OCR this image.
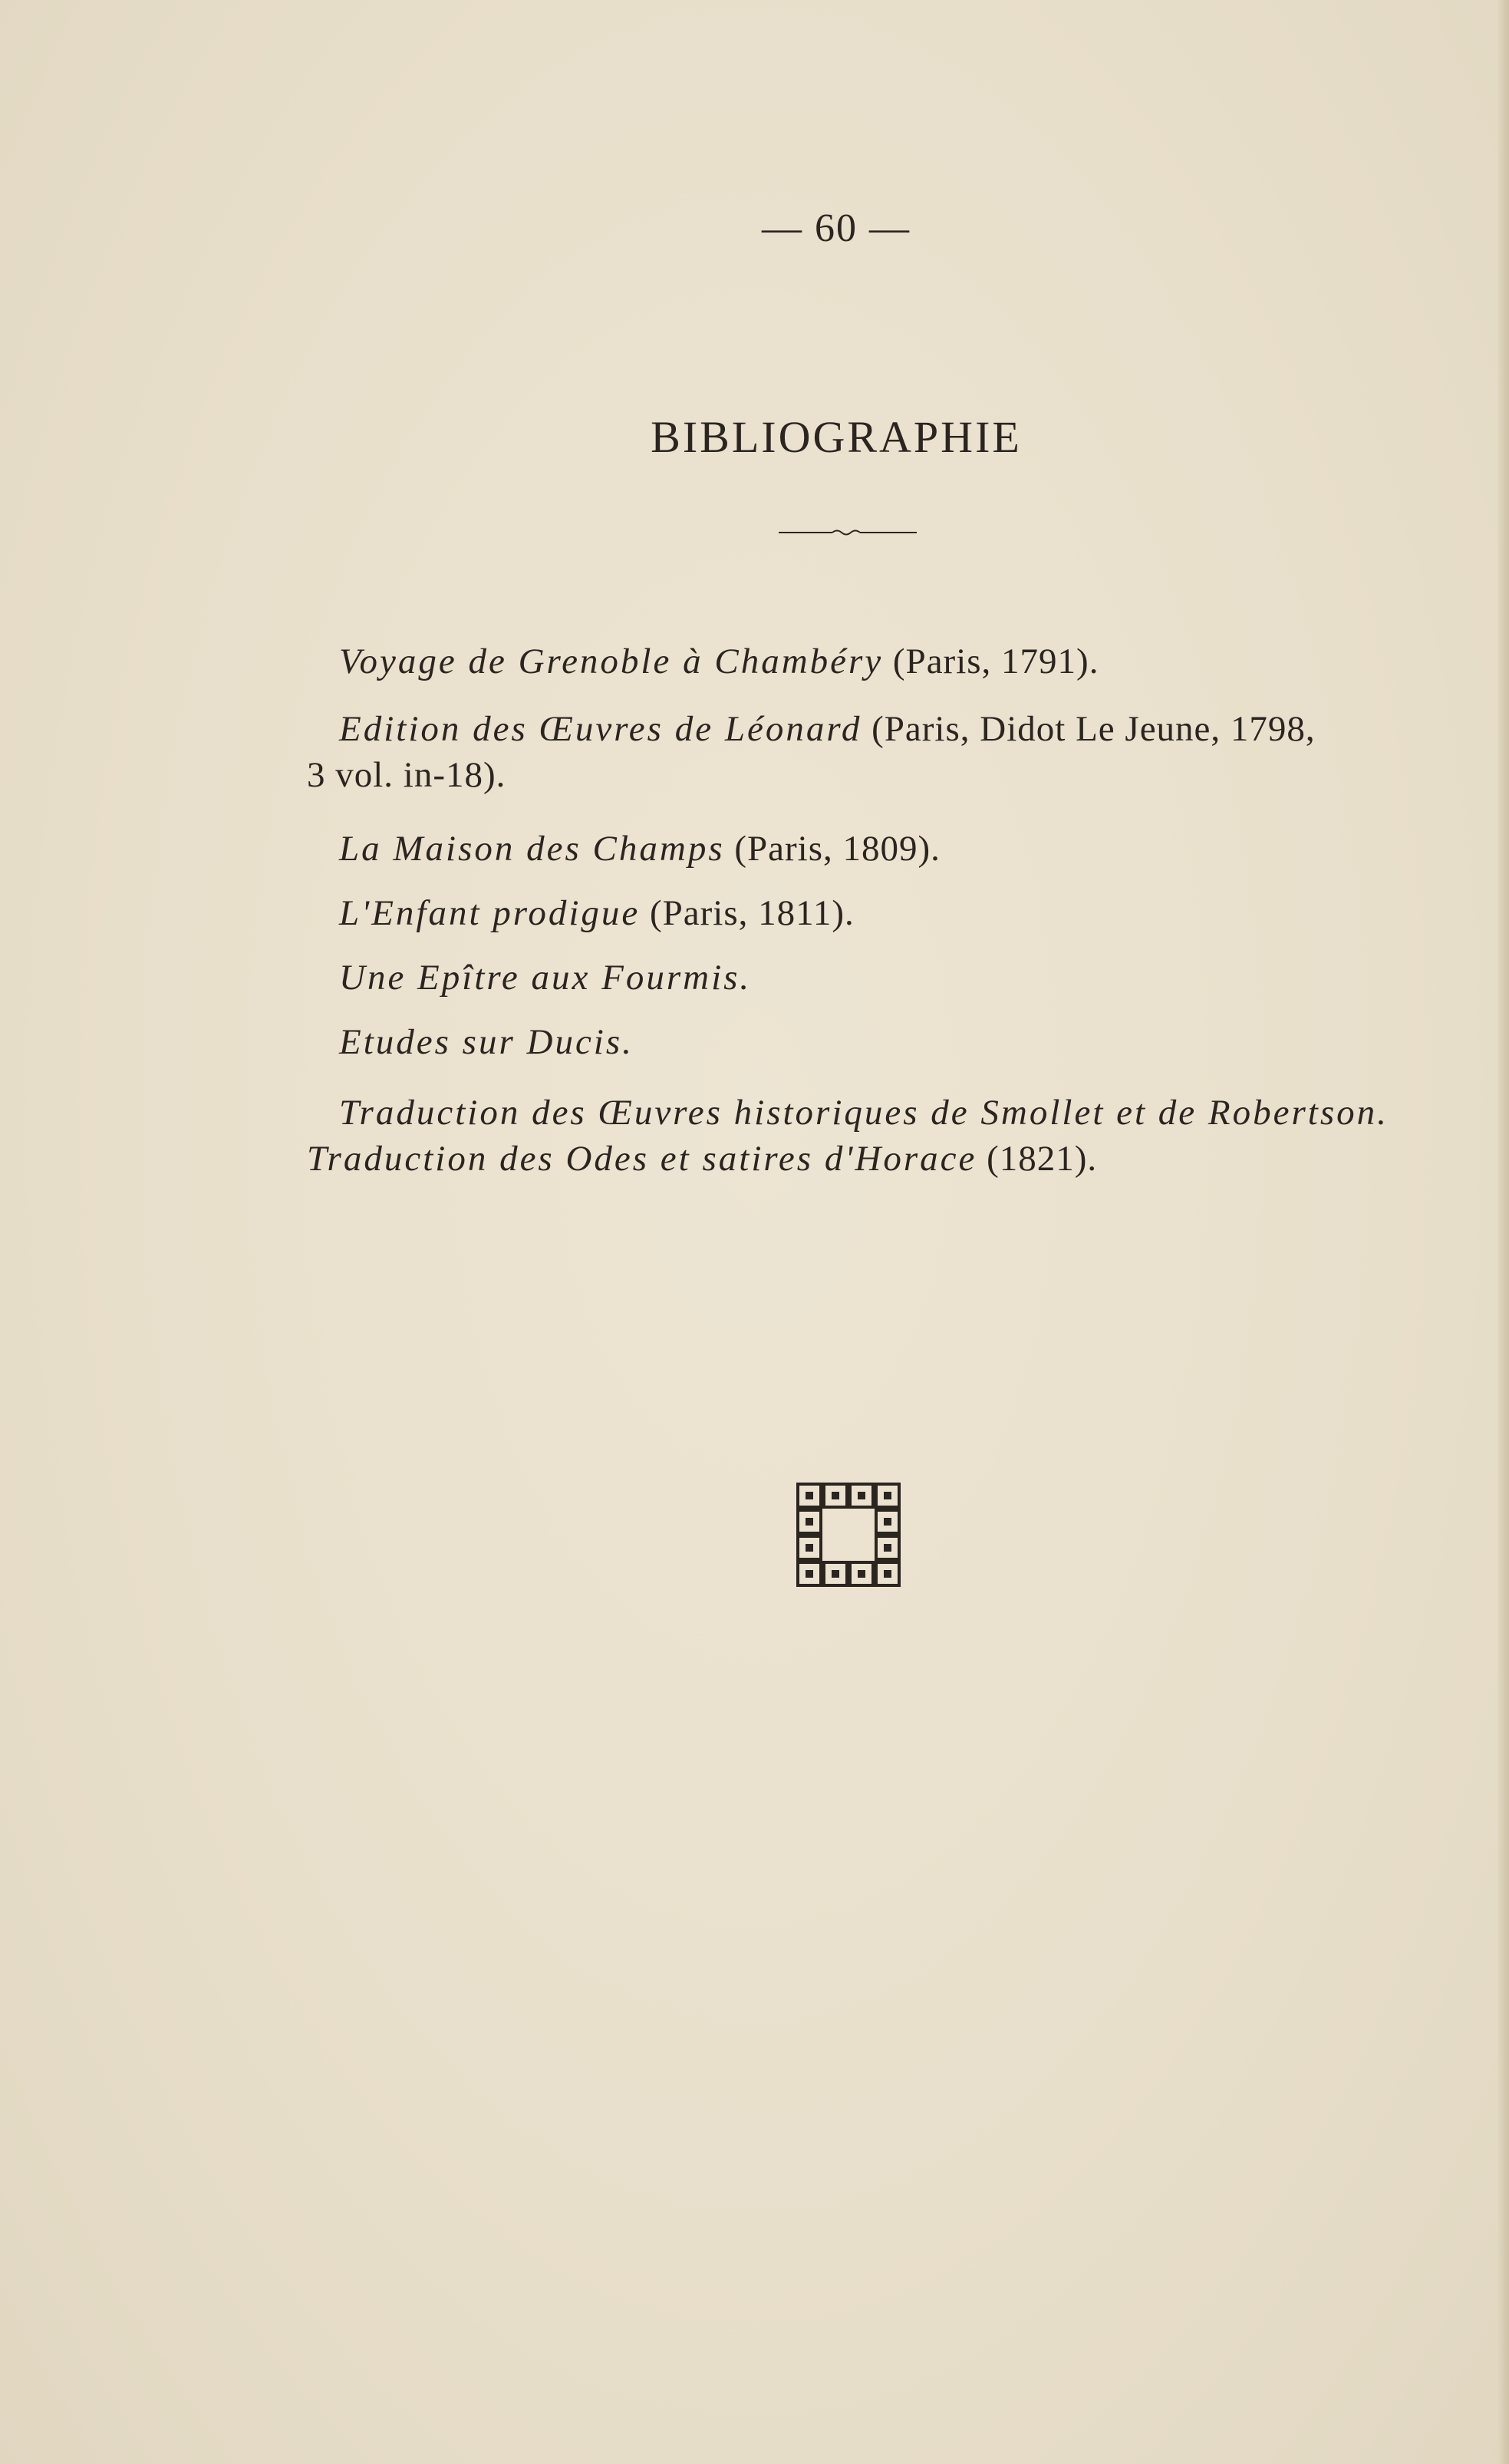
— 60 —
BIBLIOGRAPHIE
Voyage de Grenoble à Chambéry (Paris, 1791).
Edition des Œuvres de Léonard (Paris, Didot Le Jeune, 1798,
3 vol. in-18).
La Maison des Champs (Paris, 1809).
L'Enfant prodigue (Paris, 1811).
Une Epître aux Fourmis.
Etudes sur Ducis.
Traduction des Œuvres historiques de Smollet et de Robertson.
Traduction des Odes et satires d'Horace (1821).
